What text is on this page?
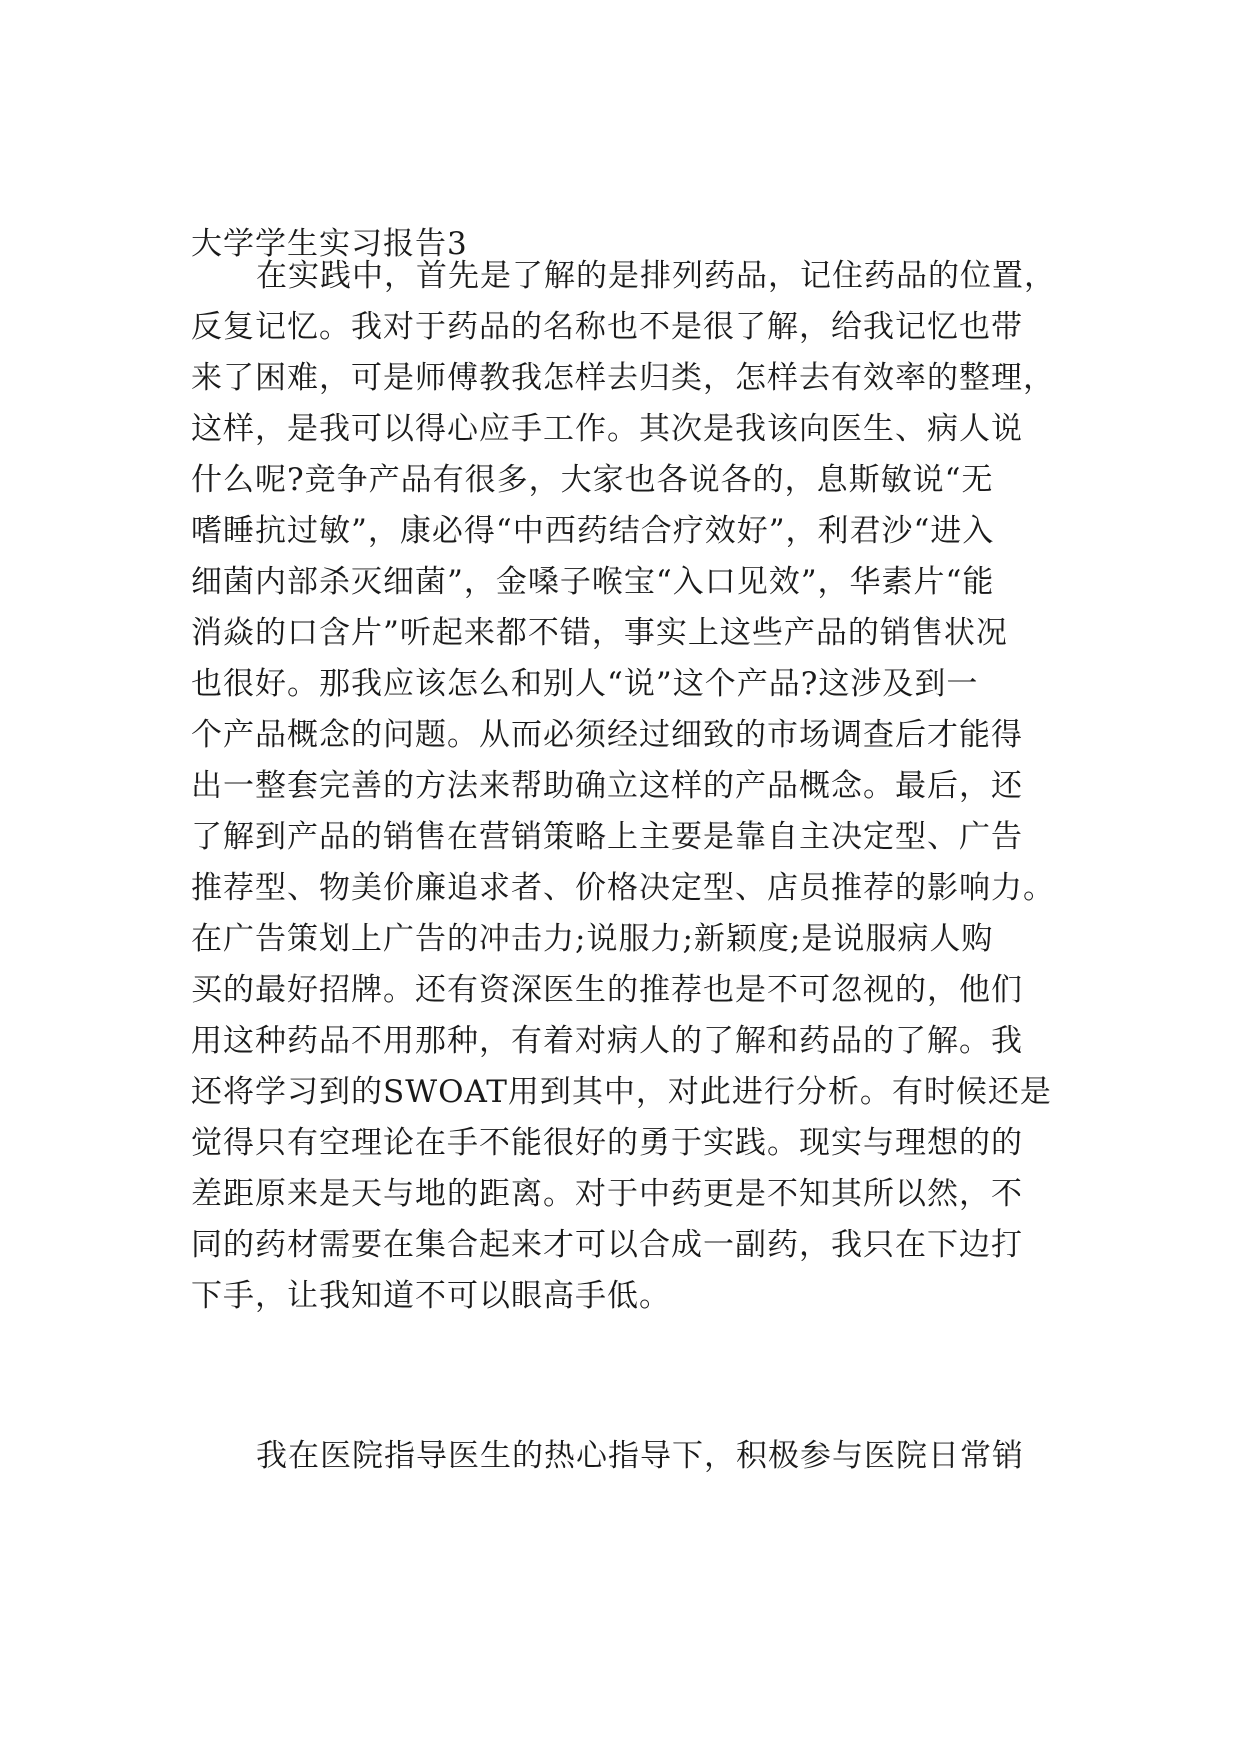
大学学生实习报告3
在实践中，首先是了解的是排列药品，记住药品的位置，
反复记忆。我对于药品的名称也不是很了解，给我记忆也带
来了困难，可是师傅教我怎样去归类，怎样去有效率的整理，
这样，是我可以得心应手工作。其次是我该向医生、病人说
什么呢?竞争产品有很多，大家也各说各的，息斯敏说“无
嗜睡抗过敏”，康必得“中西药结合疗效好”，利君沙“进入
细菌内部杀灭细菌”，金嗓子喉宝“入口见效”，华素片“能
消焱的口含片”听起来都不错，事实上这些产品的销售状况
也很好。那我应该怎么和别人“说”这个产品?这涉及到一
个产品概念的问题。从而必须经过细致的市场调查后才能得
出一整套完善的方法来帮助确立这样的产品概念。最后，还
了解到产品的销售在营销策略上主要是靠自主决定型、广告
推荐型、物美价廉追求者、价格决定型、店员推荐的影响力。
在广告策划上广告的冲击力;说服力;新颖度;是说服病人购
买的最好招牌。还有资深医生的推荐也是不可忽视的，他们
用这种药品不用那种，有着对病人的了解和药品的了解。我
还将学习到的SWOAT用到其中，对此进行分析。有时候还是
觉得只有空理论在手不能很好的勇于实践。现实与理想的的
差距原来是天与地的距离。对于中药更是不知其所以然，不
同的药材需要在集合起来才可以合成一副药，我只在下边打
下手，让我知道不可以眼高手低。
我在医院指导医生的热心指导下，积极参与医院日常销
